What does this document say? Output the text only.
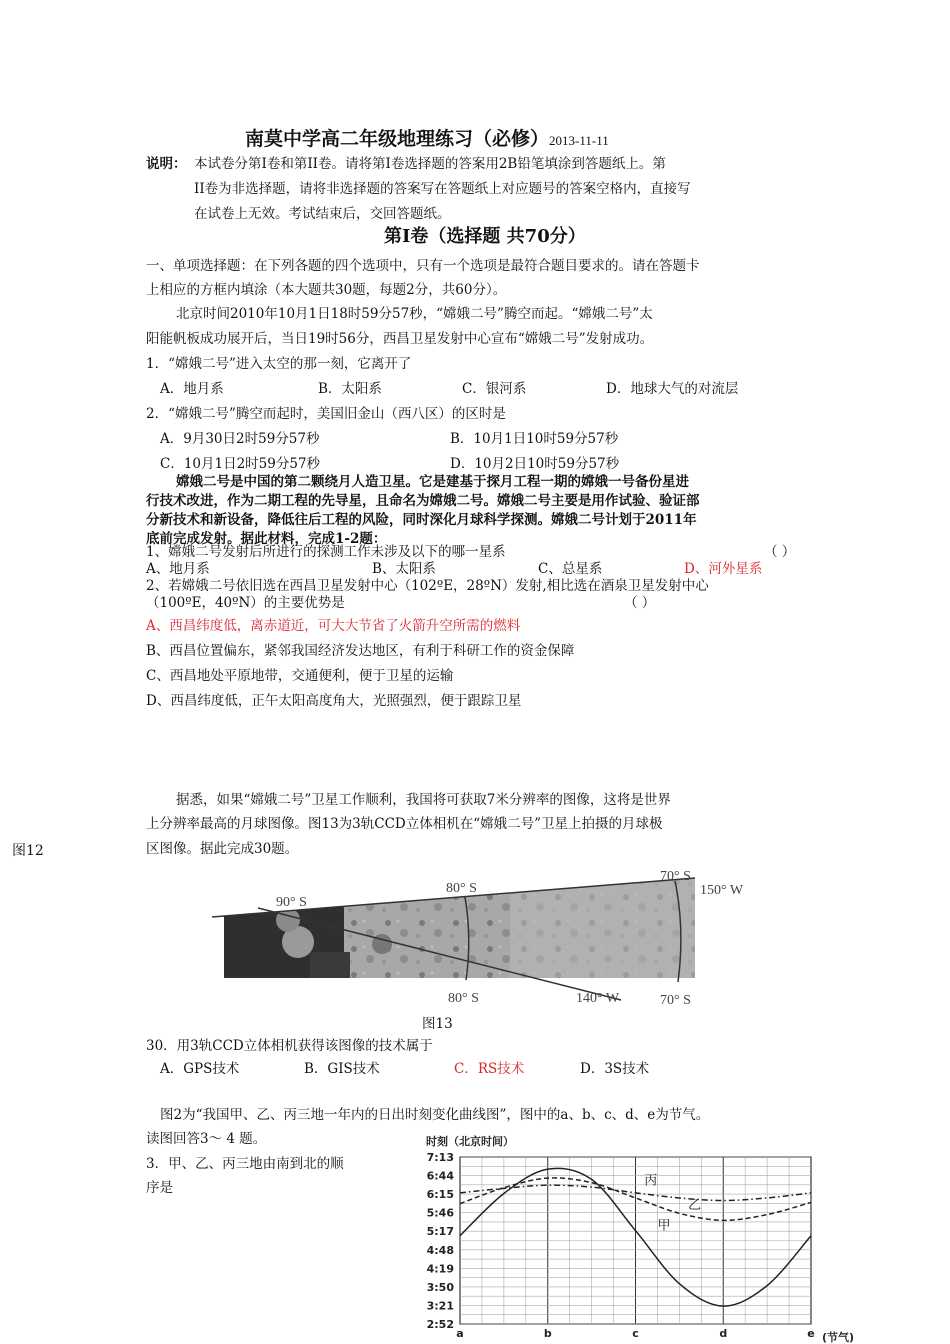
南莫中学高二年级地理练习（必修）2013-11-11
说明： 本试卷分第Ⅰ卷和第II卷。请将第Ⅰ卷选择题的答案用2B铅笔填涂到答题纸上。第
II卷为非选择题，请将非选择题的答案写在答题纸上对应题号的答案空格内，直接写
在试卷上无效。考试结束后，交回答题纸。
第Ⅰ卷（选择题 共70分）
一、单项选择题：在下列各题的四个选项中，只有一个选项是最符合题目要求的。请在答题卡
上相应的方框内填涂（本大题共30题，每题2分，共60分）。
北京时间2010年10月1日18时59分57秒，“嫦娥二号”腾空而起。“嫦娥二号”太
阳能帆板成功展开后，当日19时56分，西昌卫星发射中心宣布“嫦娥二号”发射成功。
1．“嫦娥二号”进入太空的那一刻，它离开了
A．地月系	B．太阳系	C．银河系	D．地球大气的对流层
2．“嫦娥二号”腾空而起时，美国旧金山（西八区）的区时是
A．9月30日2时59分57秒	B．10月1日10时59分57秒
C．10月1日2时59分57秒	D．10月2日10时59分57秒
嫦娥二号是中国的第二颗绕月人造卫星。它是建基于探月工程一期的嫦娥一号备份星进
行技术改进，作为二期工程的先导星，且命名为嫦娥二号。嫦娥二号主要是用作试验、验证部
分新技术和新设备，降低往后工程的风险，同时深化月球科学探测。嫦娥二号计划于2011年
底前完成发射。据此材料，完成1-2题：
1、嫦娥二号发射后所进行的探测工作未涉及以下的哪一星系	（ ）
A、地月系	B、太阳系	C、总星系	D、河外星系
2、若嫦娥二号依旧选在西昌卫星发射中心（102ºE，28ºN）发射,相比选在酒泉卫星发射中心
（100ºE，40ºN）的主要优势是	（ ）
A、西昌纬度低，离赤道近，可大大节省了火箭升空所需的燃料
B、西昌位置偏东，紧邻我国经济发达地区，有利于科研工作的资金保障
C、西昌地处平原地带，交通便利，便于卫星的运输
D、西昌纬度低，正午太阳高度角大，光照强烈，便于跟踪卫星
据悉，如果“嫦娥二号”卫星工作顺利，我国将可获取7米分辨率的图像，这将是世界
上分辨率最高的月球图像。图13为3轨CCD立体相机在“嫦娥二号”卫星上拍摄的月球极
区图像。据此完成30题。
图12
90° S
80° S
70° S
150° W
80° S	140° W	70° S
图13
30．用3轨CCD立体相机获得该图像的技术属于
A．GPS技术	B．GIS技术	C．RS技术	D．3S技术
图2为“我国甲、乙、丙三地一年内的日出时刻变化曲线图”，图中的a、b、c、d、e为节气。
读图回答3～ 4 题。
3．甲、乙、丙三地由南到北的顺
序是
时刻（北京时间）
7:13
6:44
6:15
5:46
5:17
4:48
4:19
3:50
3:21
2:52
a	b	c	d	e
甲
乙
丙
(节气)
